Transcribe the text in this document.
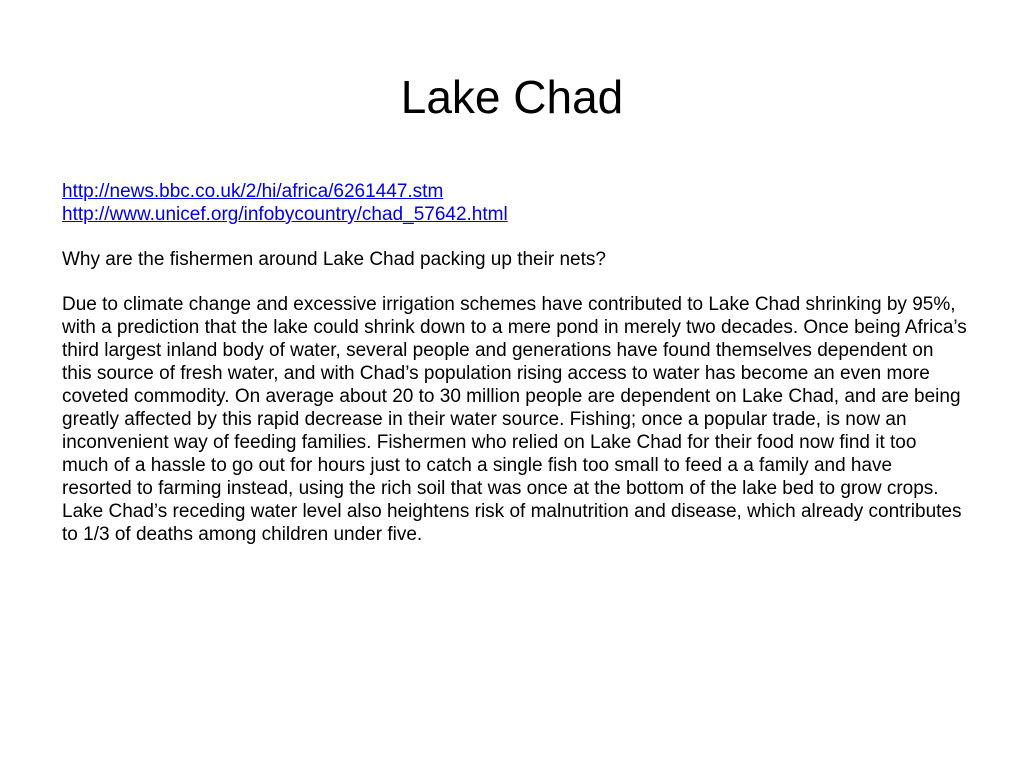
Lake Chad
http://news.bbc.co.uk/2/hi/africa/6261447.stm
http://www.unicef.org/infobycountry/chad_57642.html

Why are the fishermen around Lake Chad packing up their nets?

Due to climate change and excessive irrigation schemes have contributed to Lake Chad shrinking by 95%, with a prediction that the lake could shrink down to a mere pond in merely two decades. Once being Africa’s third largest inland body of water, several people and generations have found themselves dependent on this source of fresh water, and with Chad’s population rising access to water has become an even more coveted commodity. On average about 20 to 30 million people are dependent on Lake Chad, and are being greatly affected by this rapid decrease in their water source. Fishing; once a popular trade, is now an inconvenient way of feeding families. Fishermen who relied on Lake Chad for their food now find it too much of a hassle to go out for hours just to catch a single fish too small to feed a a family and have resorted to farming instead, using the rich soil that was once at the bottom of the lake bed to grow crops. Lake Chad’s receding water level also heightens risk of malnutrition and disease, which already contributes to 1/3 of deaths among children under five.
